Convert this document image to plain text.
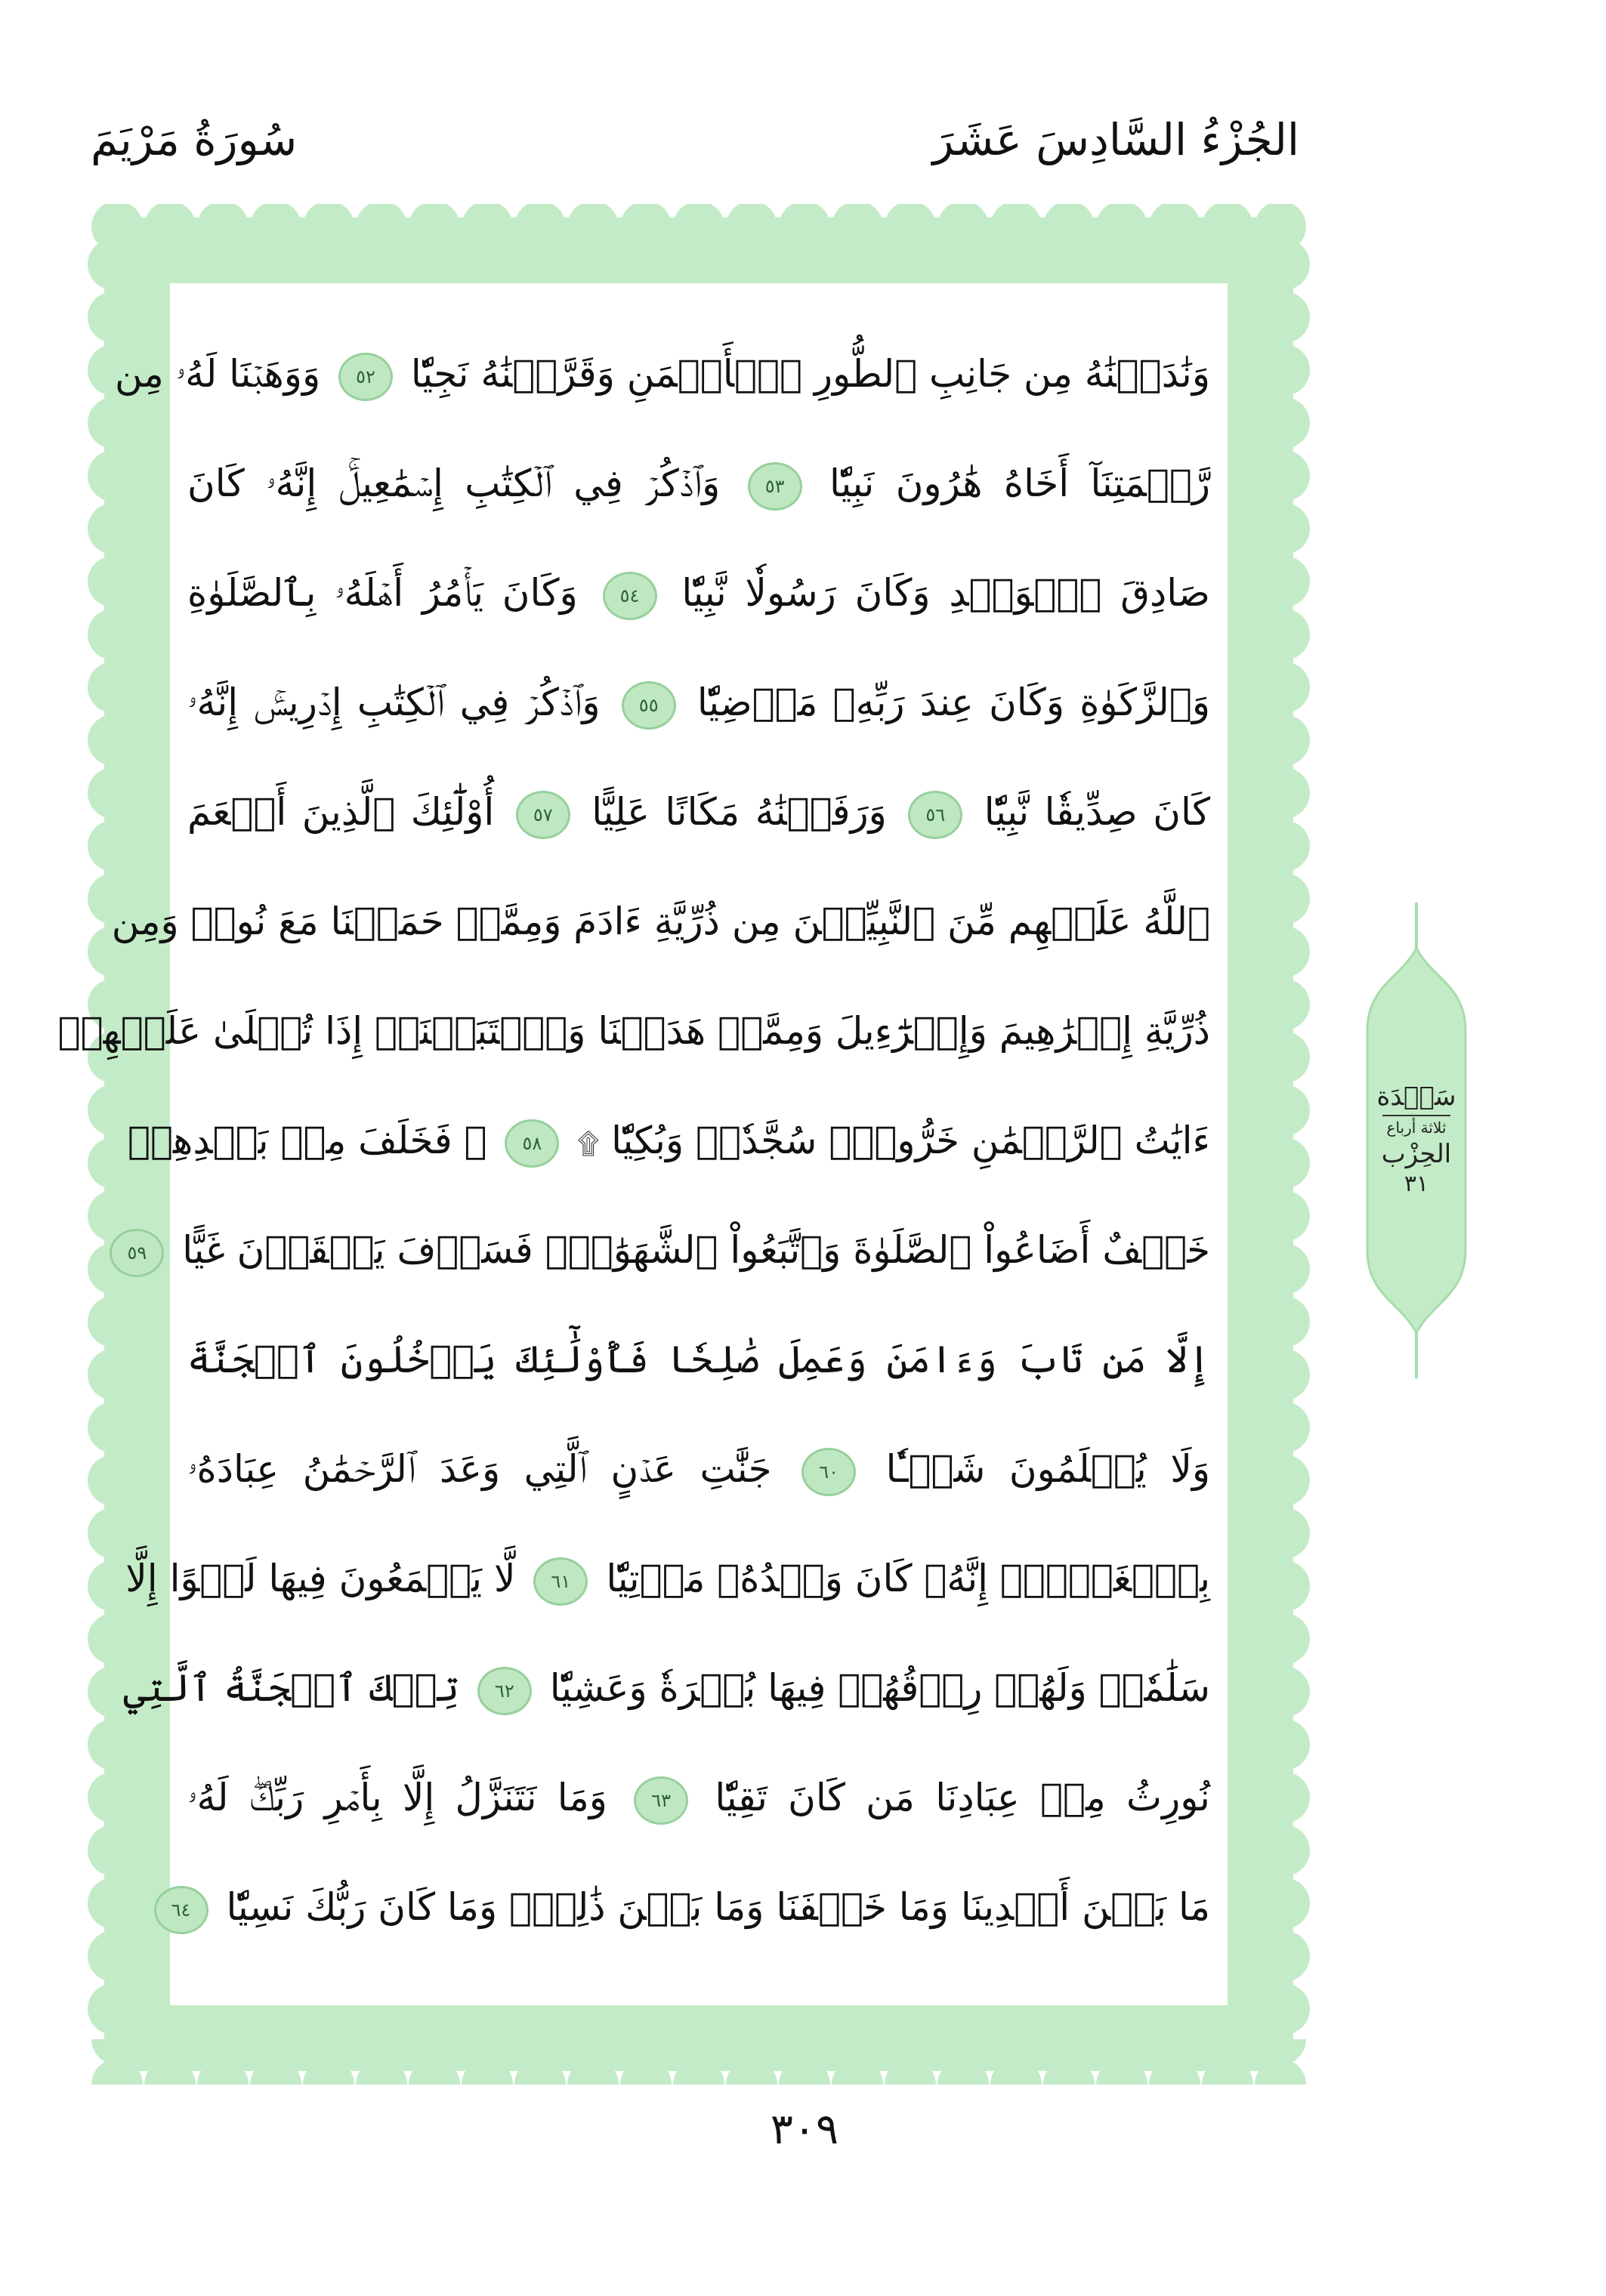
الجُزْءُ السَّادِسَ عَشَرَ
سُورَةُ مَرْيَمَ
وَنَٰدَيۡنَٰهُ مِن جَانِبِ ٱلطُّورِ ٱلۡأَيۡمَنِ وَقَرَّبۡنَٰهُ نَجِيّٗا ٥٢ وَوَهَبۡنَا لَهُۥ مِن
رَّحۡمَتِنَآ أَخَاهُ هَٰرُونَ نَبِيّٗا ٥٣ وَٱذۡكُرۡ فِي ٱلۡكِتَٰبِ إِسۡمَٰعِيلَۚ إِنَّهُۥ كَانَ
صَادِقَ ٱلۡوَعۡدِ وَكَانَ رَسُولٗا نَّبِيّٗا ٥٤ وَكَانَ يَأۡمُرُ أَهۡلَهُۥ بِٱلصَّلَوٰةِ
وَٱلزَّكَوٰةِ وَكَانَ عِندَ رَبِّهِۦ مَرۡضِيّٗا ٥٥ وَٱذۡكُرۡ فِي ٱلۡكِتَٰبِ إِدۡرِيسَۚ إِنَّهُۥ
كَانَ صِدِّيقٗا نَّبِيّٗا ٥٦ وَرَفَعۡنَٰهُ مَكَانًا عَلِيًّا ٥٧ أُوْلَٰٓئِكَ ٱلَّذِينَ أَنۡعَمَ
ٱللَّهُ عَلَيۡهِم مِّنَ ٱلنَّبِيِّـۧنَ مِن ذُرِّيَّةِ ءَادَمَ وَمِمَّنۡ حَمَلۡنَا مَعَ نُوحٖ وَمِن
ذُرِّيَّةِ إِبۡرَٰهِيمَ وَإِسۡرَٰٓءِيلَ وَمِمَّنۡ هَدَيۡنَا وَٱجۡتَبَيۡنَآۚ إِذَا تُتۡلَىٰ عَلَيۡهِمۡ
ءَايَٰتُ ٱلرَّحۡمَٰنِ خَرُّواْۤ سُجَّدٗاۤ وَبُكِيّٗا ۩ ٥٨ ۞ فَخَلَفَ مِنۢ بَعۡدِهِمۡ
خَلۡفٌ أَضَاعُواْ ٱلصَّلَوٰةَ وَٱتَّبَعُواْ ٱلشَّهَوَٰتِۖ فَسَوۡفَ يَلۡقَوۡنَ غَيًّا ٥٩
إِلَّا مَن تَابَ وَءَامَنَ وَعَمِلَ صَٰلِحٗا فَأُوْلَٰٓئِكَ يَدۡخُلُونَ ٱلۡجَنَّةَ
وَلَا يُظۡلَمُونَ شَيۡـٔٗا ٦٠ جَنَّٰتِ عَدۡنٍ ٱلَّتِي وَعَدَ ٱلرَّحۡمَٰنُ عِبَادَهُۥ
بِٱلۡغَيۡبِۚ إِنَّهُۥ كَانَ وَعۡدُهُۥ مَأۡتِيّٗا ٦١ لَّا يَسۡمَعُونَ فِيهَا لَغۡوًا إِلَّا
سَلَٰمٗاۖ وَلَهُمۡ رِزۡقُهُمۡ فِيهَا بُكۡرَةٗ وَعَشِيّٗا ٦٢ تِلۡكَ ٱلۡجَنَّةُ ٱلَّتِي
نُورِثُ مِنۡ عِبَادِنَا مَن كَانَ تَقِيّٗا ٦٣ وَمَا نَتَنَزَّلُ إِلَّا بِأَمۡرِ رَبِّكَۖ لَهُۥ
مَا بَيۡنَ أَيۡدِينَا وَمَا خَلۡفَنَا وَمَا بَيۡنَ ذَٰلِكَۚ وَمَا كَانَ رَبُّكَ نَسِيّٗا ٦٤
سَجۡدَة
ثلاثة أرباع
الحِزْب
٣١
٣٠٩
